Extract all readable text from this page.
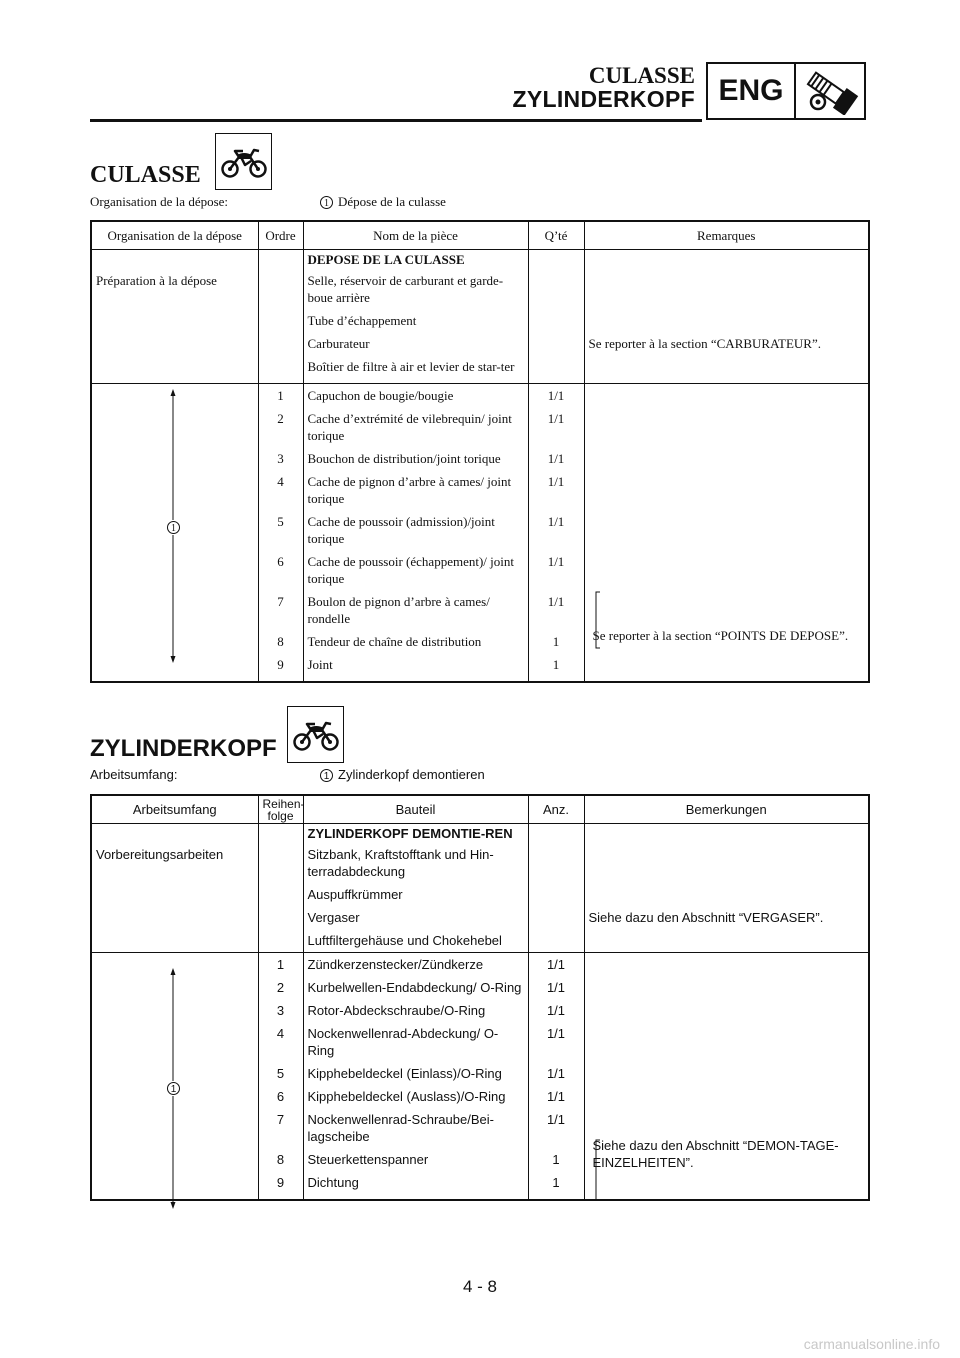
CULASSE
ZYLINDERKOPF ENG
CULASSE
Organisation de la dépose:	1 Dépose de la culasse
Organisation de la dépose	Ordre	Nom de la pièce	Q’té	Remarques
		DEPOSE DE LA CULASSE		
Préparation à la dépose		Selle, réservoir de carburant et garde-boue arrière		
		Tube d’échappement		
		Carburateur		Se reporter à la section “CARBURATEUR”.
		Boîtier de filtre à air et levier de star-ter		
	1	Capuchon de bougie/bougie	1/1	
	2	Cache d’extrémité de vilebrequin/ joint torique	1/1	
	3	Bouchon de distribution/joint torique	1/1	
	4	Cache de pignon d’arbre à cames/ joint torique	1/1	
	5	Cache de poussoir (admission)/joint torique	1/1	
	6	Cache de poussoir (échappement)/ joint torique	1/1	
	7	Boulon de pignon d’arbre à cames/ rondelle	1/1	Se reporter à la section “POINTS DE DEPOSE”.
	8	Tendeur de chaîne de distribution	1	
	9	Joint	1	
ZYLINDERKOPF
Arbeitsumfang:	1 Zylinderkopf demontieren
Arbeitsumfang	Reihen-folge	Bauteil	Anz.	Bemerkungen
		ZYLINDERKOPF DEMONTIE-REN		
Vorbereitungsarbeiten		Sitzbank, Kraftstofftank und Hin-terradabdeckung		
		Auspuffkrümmer		
		Vergaser		Siehe dazu den Abschnitt “VERGASER”.
		Luftfiltergehäuse und Chokehebel		
	1	Zündkerzenstecker/Zündkerze	1/1	
	2	Kurbelwellen-Endabdeckung/ O-Ring	1/1	
	3	Rotor-Abdeckschraube/O-Ring	1/1	
	4	Nockenwellenrad-Abdeckung/ O-Ring	1/1	
	5	Kipphebeldeckel (Einlass)/O-Ring	1/1	
	6	Kipphebeldeckel (Auslass)/O-Ring	1/1	
	7	Nockenwellenrad-Schraube/Bei-lagscheibe	1/1	Siehe dazu den Abschnitt “DEMON-TAGE-EINZELHEITEN”.
	8	Steuerkettenspanner	1	
	9	Dichtung	1	
1
1
4 - 8
carmanualsonline.info
